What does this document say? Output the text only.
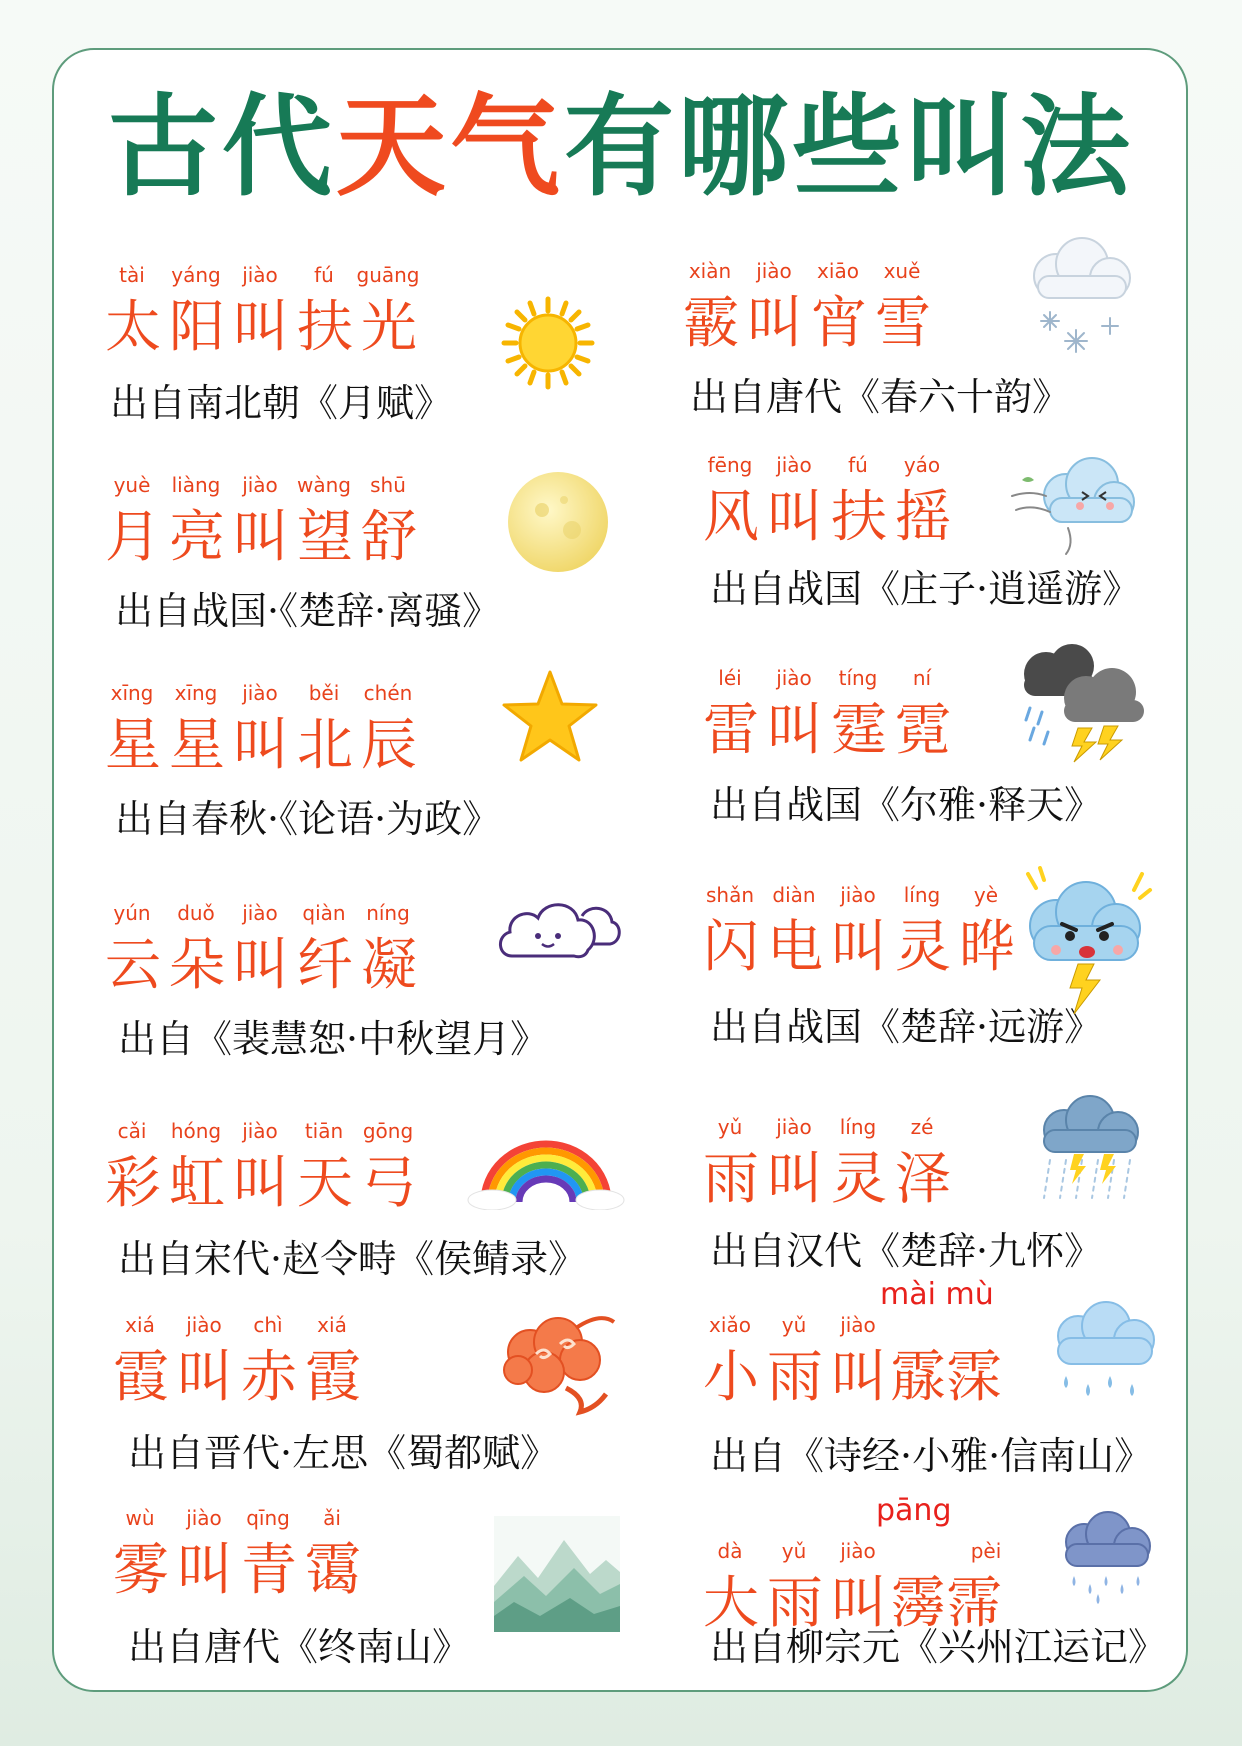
古代天气有哪些叫法
tài	yáng	jiào	fú	guāng
太 阳 叫 扶 光
出自南北朝《月赋》
yuè	liàng	jiào wàng shū
月 亮 叫 望 舒
出自战国·《楚辞·离骚》
xīng	xīng	jiào	běi	chén
星 星 叫 北 辰
出自春秋·《论语·为政》
yún	duǒ	jiào	qiàn	níng
云 朵 叫 纤 凝
出自《裴慧恕·中秋望月》
cǎi	hóng	jiào	tiān gōng
彩 虹 叫 天 弓
出自宋代·赵令畤《侯鲭录》
xiá	jiào	chì	xiá
霞 叫 赤 霞
出自晋代·左思《蜀都赋》
wù	jiào	qīng	ǎi
雾 叫 青 霭
出自唐代《终南山》
xiàn	jiào	xiāo	xuě
霰 叫 宵 雪
出自唐代《春六十韵》
fēng	jiào	fú	yáo
风 叫 扶 摇
出自战国《庄子·逍遥游》
léi	jiào	tíng	ní
雷 叫 霆 霓
出自战国《尔雅·释天》
shǎn diàn	jiào	líng	yè
闪 电 叫 灵 晔
出自战国《楚辞·远游》
yǔ	jiào	líng	zé
雨 叫 灵 泽
出自汉代《楚辞·九怀》
mài mù
xiǎo	yǔ	jiào
小 雨 叫 霡霂
出自《诗经·小雅·信南山》
pāng
dà	yǔ	jiào	pèi
大 雨 叫 霶霈
出自柳宗元《兴州江运记》
